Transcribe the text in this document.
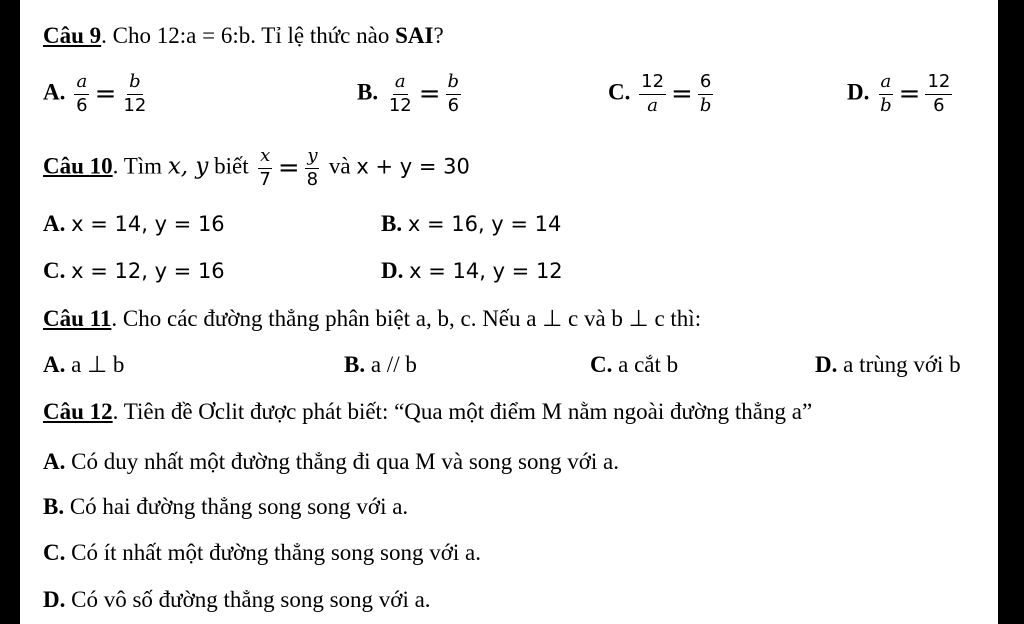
Câu 9. Cho 12:a = 6:b. Tỉ lệ thức nào SAI?
A. $\frac{a}{6} = \frac{b}{12}$	B. $\frac{a}{12} = \frac{b}{6}$	C. $\frac{12}{a} = \frac{6}{b}$	D. $\frac{a}{b} = \frac{12}{6}$
Câu 10. Tìm x, y biết $\frac{x}{7} = \frac{y}{8}$ và x + y = 30
A. x = 14, y = 16	B. x = 16, y = 14
C. x = 12, y = 16	D. x = 14, y = 12
Câu 11. Cho các đường thẳng phân biệt a, b, c. Nếu a ⊥ c và b ⊥ c thì:
A. a ⊥ b	B. a // b	C. a cắt b	D. a trùng với b
Câu 12. Tiên đề Ơclit được phát biết: “Qua một điểm M nằm ngoài đường thẳng a”
A. Có duy nhất một đường thẳng đi qua M và song song với a.
B. Có hai đường thẳng song song với a.
C. Có ít nhất một đường thẳng song song với a.
D. Có vô số đường thẳng song song với a.
